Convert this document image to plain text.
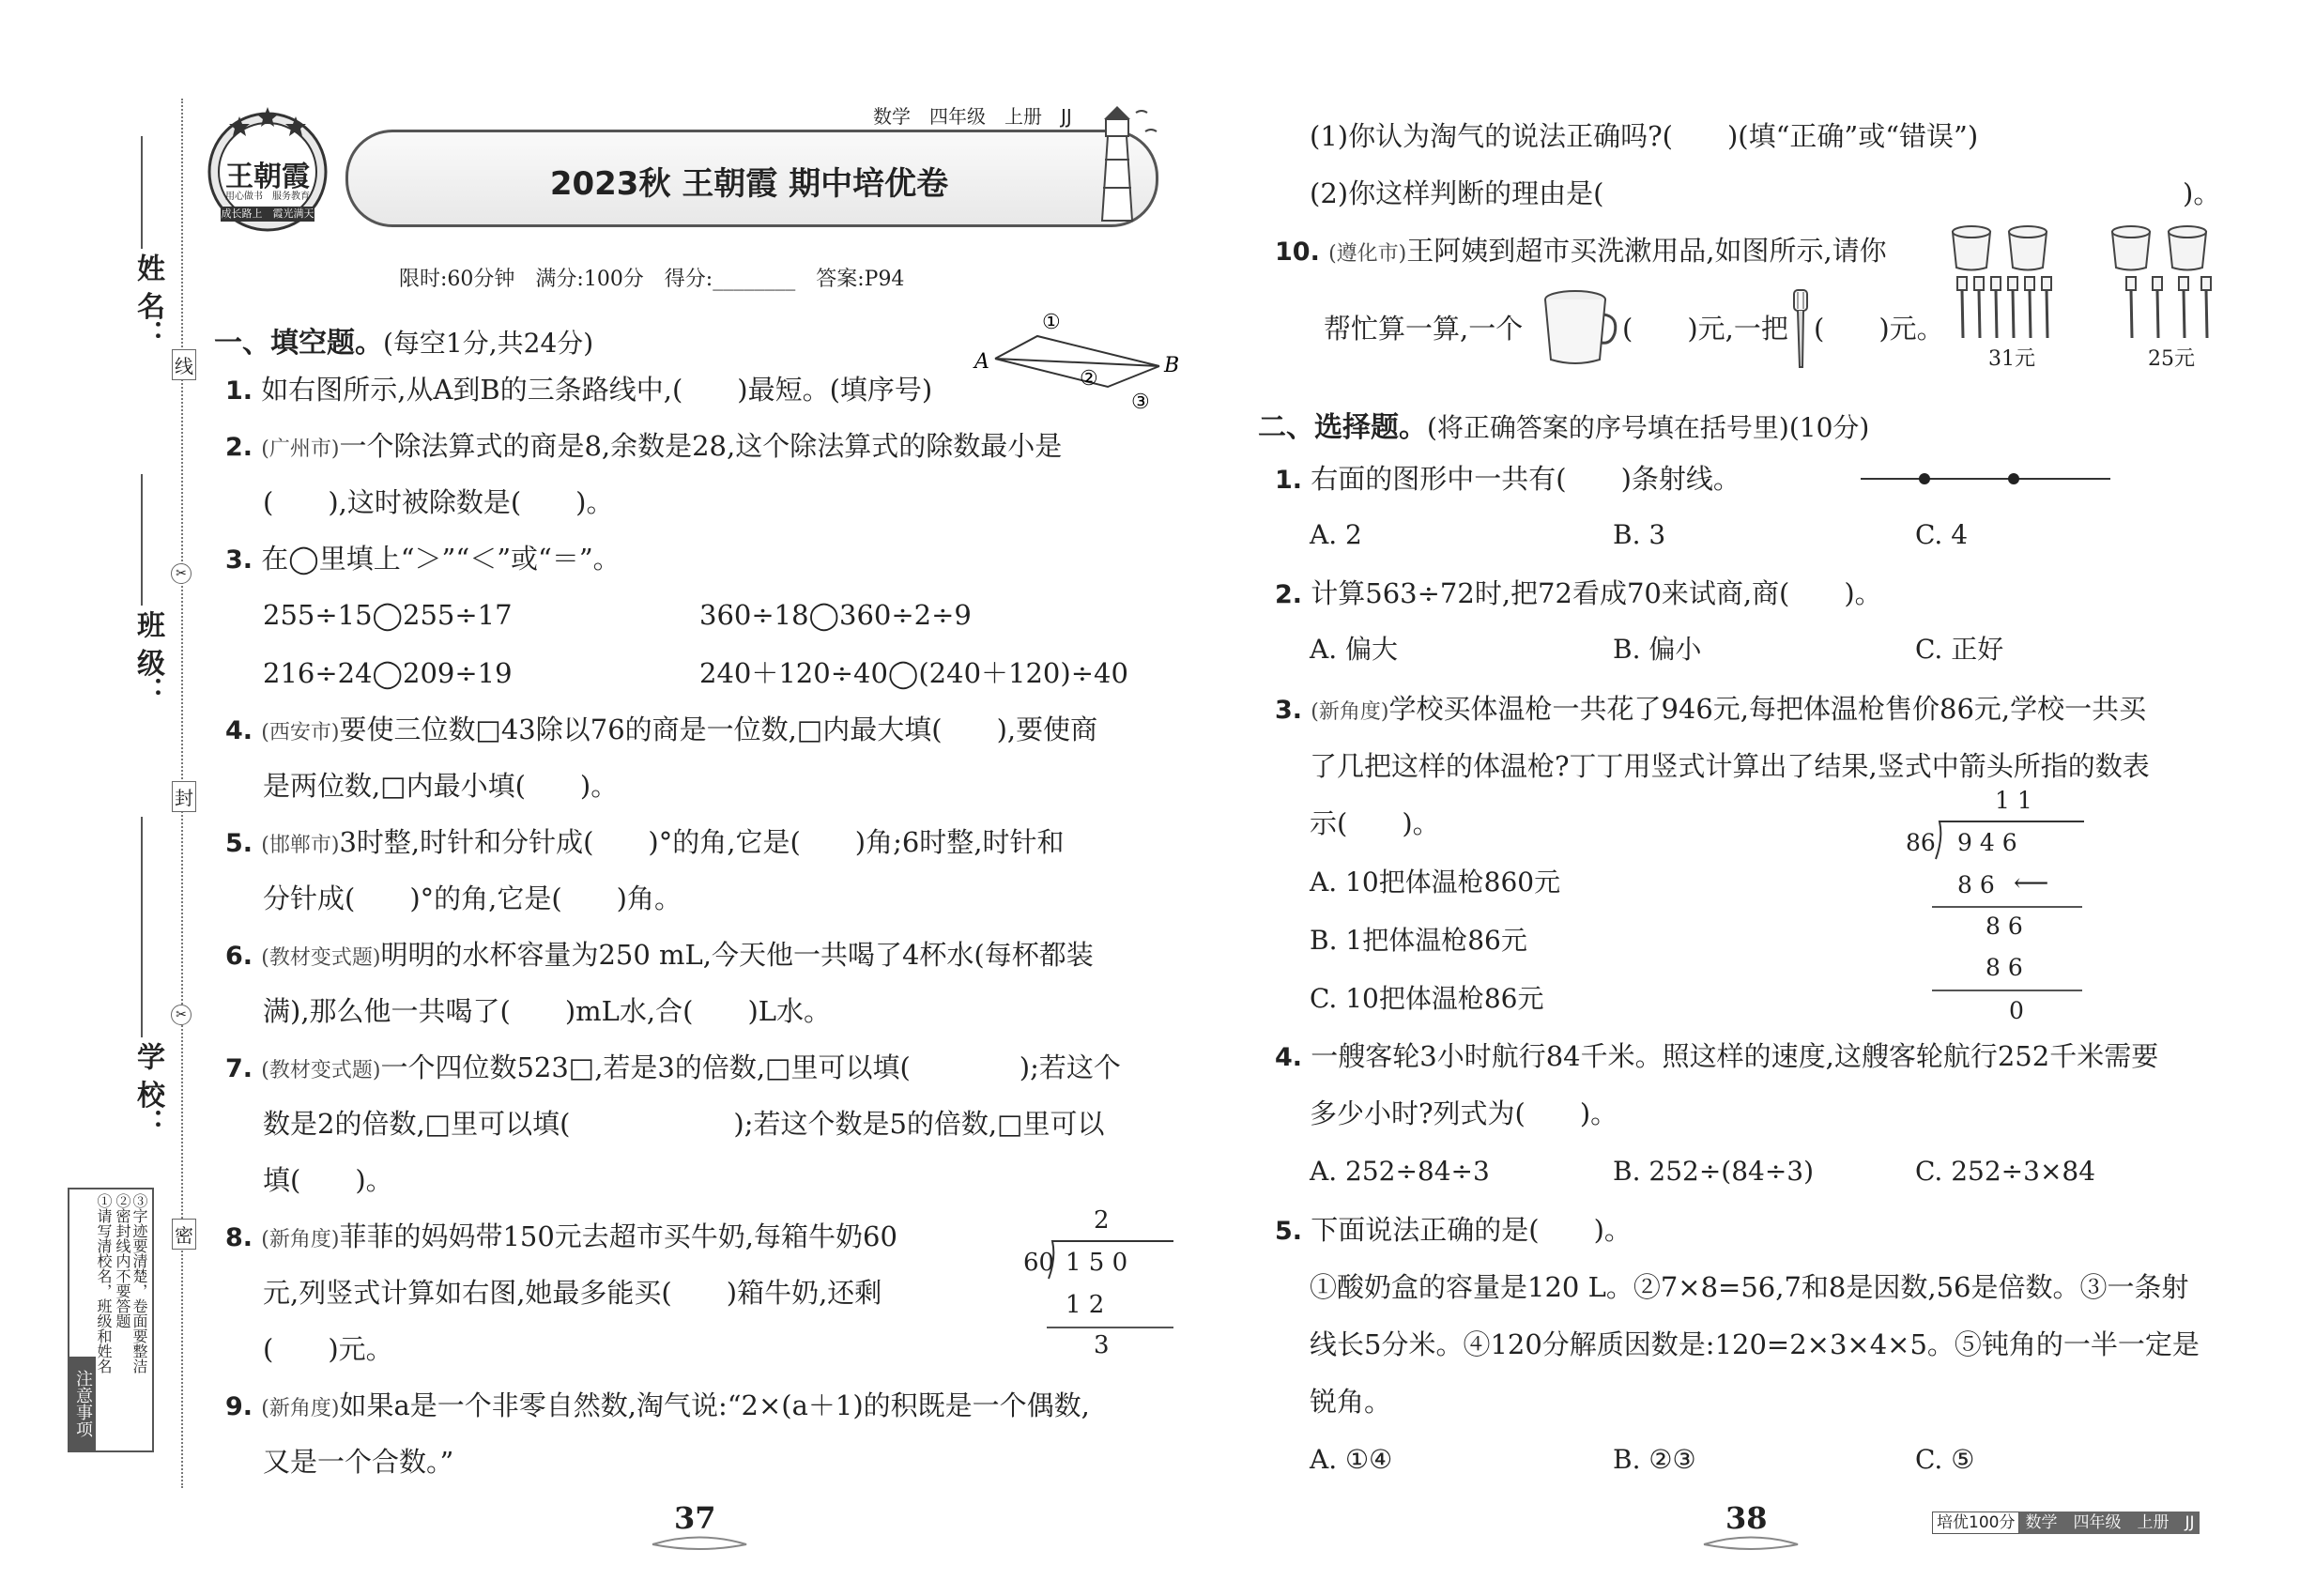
姓 名：
班 级：
学 校：
线
封
密
✂
✂
注意事项
①请写清校名，班级和姓名 ②密封线内不要答题 ③字迹要清楚，卷面要整洁
王朝霞
用心做书　服务教育
成长路上　霞光满天
数学　四年级　上册　JJ
2023秋 王朝霞 期中培优卷
限时:60分钟　满分:100分　得分:________　答案:P94
一、填空题。(每空1分,共24分)
1. 如右图所示,从A到B的三条路线中,(　　)最短。(填序号)
A	B
①
②
③
2. (广州市)一个除法算式的商是8,余数是28,这个除法算式的除数最小是
(　　),这时被除数是(　　)。
3. 在◯里填上“＞”“＜”或“＝”。
255÷15◯255÷17	360÷18◯360÷2÷9
216÷24◯209÷19	240＋120÷40◯(240＋120)÷40
4. (西安市)要使三位数□43除以76的商是一位数,□内最大填(　　),要使商
是两位数,□内最小填(　　)。
5. (邯郸市)3时整,时针和分针成(　　)°的角,它是(　　)角;6时整,时针和
分针成(　　)°的角,它是(　　)角。
6. (教材变式题)明明的水杯容量为250 mL,今天他一共喝了4杯水(每杯都装
满),那么他一共喝了(　　)mL水,合(　　)L水。
7. (教材变式题)一个四位数523□,若是3的倍数,□里可以填(　　　　);若这个
数是2的倍数,□里可以填(　　　　　　);若这个数是5的倍数,□里可以
填(　　)。
8. (新角度)菲菲的妈妈带150元去超市买牛奶,每箱牛奶60
元,列竖式计算如右图,她最多能买(　　)箱牛奶,还剩
(　　)元。
2
60 1 5 0
1 2
3
9. (新角度)如果a是一个非零自然数,淘气说:“2×(a＋1)的积既是一个偶数,
又是一个合数。”
37
(1)你认为淘气的说法正确吗?(　　)(填“正确”或“错误”)
(2)你这样判断的理由是(	)。
10. (遵化市)王阿姨到超市买洗漱用品,如图所示,请你
帮忙算一算,一个	(　　)元,一把 (　　)元。
31元	25元
二、选择题。(将正确答案的序号填在括号里)(10分)
1. 右面的图形中一共有(　　)条射线。
A. 2	B. 3	C. 4
2. 计算563÷72时,把72看成70来试商,商(　　)。
A. 偏大	B. 偏小	C. 正好
3. (新角度)学校买体温枪一共花了946元,每把体温枪售价86元,学校一共买
了几把这样的体温枪?丁丁用竖式计算出了结果,竖式中箭头所指的数表
示(　　)。
A. 10把体温枪860元
B. 1把体温枪86元
C. 10把体温枪86元
1 1
86 9 4 6
8 6 ⟵
8 6
8 6
0
4. 一艘客轮3小时航行84千米。照这样的速度,这艘客轮航行252千米需要
多少小时?列式为(　　)。
A. 252÷84÷3	B. 252÷(84÷3)	C. 252÷3×84
5. 下面说法正确的是(　　)。
①酸奶盒的容量是120 L。②7×8=56,7和8是因数,56是倍数。③一条射
线长5分米。④120分解质因数是:120=2×3×4×5。⑤钝角的一半一定是
锐角。
A. ①④	B. ②③	C. ⑤
38	培优100分 数学　四年级　上册　JJ
